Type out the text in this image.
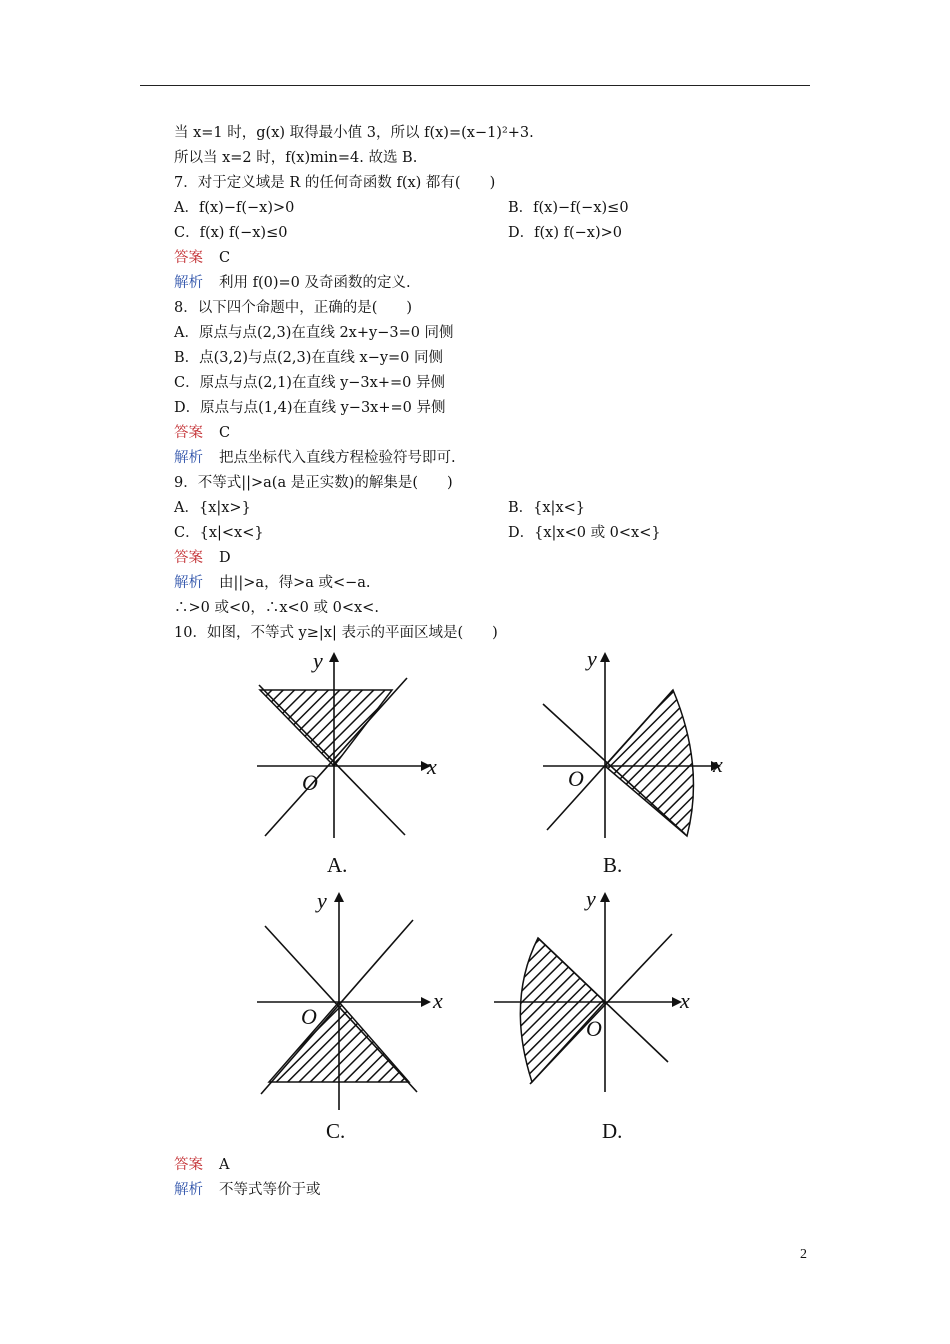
当 x=1 时，g(x) 取得最小值 3，所以 f(x)=(x−1)²+3.
所以当 x=2 时，f(x)min=4. 故选 B.
7．对于定义域是 R 的任何奇函数 f(x) 都有(　　)
A．f(x)−f(−x)>0	B．f(x)−f(−x)≤0
C．f(x) f(−x)≤0	D．f(x) f(−x)>0
答案 C
解析 利用 f(0)=0 及奇函数的定义.
8．以下四个命题中，正确的是(　　)
A．原点与点(2,3)在直线 2x+y−3=0 同侧
B．点(3,2)与点(2,3)在直线 x−y=0 同侧
C．原点与点(2,1)在直线 y−3x+=0 异侧
D．原点与点(1,4)在直线 y−3x+=0 异侧
答案 C
解析 把点坐标代入直线方程检验符号即可.
9．不等式||>a(a 是正实数)的解集是(　　)
A．{x|x>}	B．{x|x<}
C．{x|<x<}	D．{x|x<0 或 0<x<}
答案 D
解析 由||>a，得>a 或<−a.
∴>0 或<0，∴x<0 或 0<x<.
10．如图，不等式 y≥|x| 表示的平面区域是(　　)
x
y
O
A.
x
y
O
B.
x
y
O
C.
x
y
O
D.
答案 A
解析 不等式等价于或
2
